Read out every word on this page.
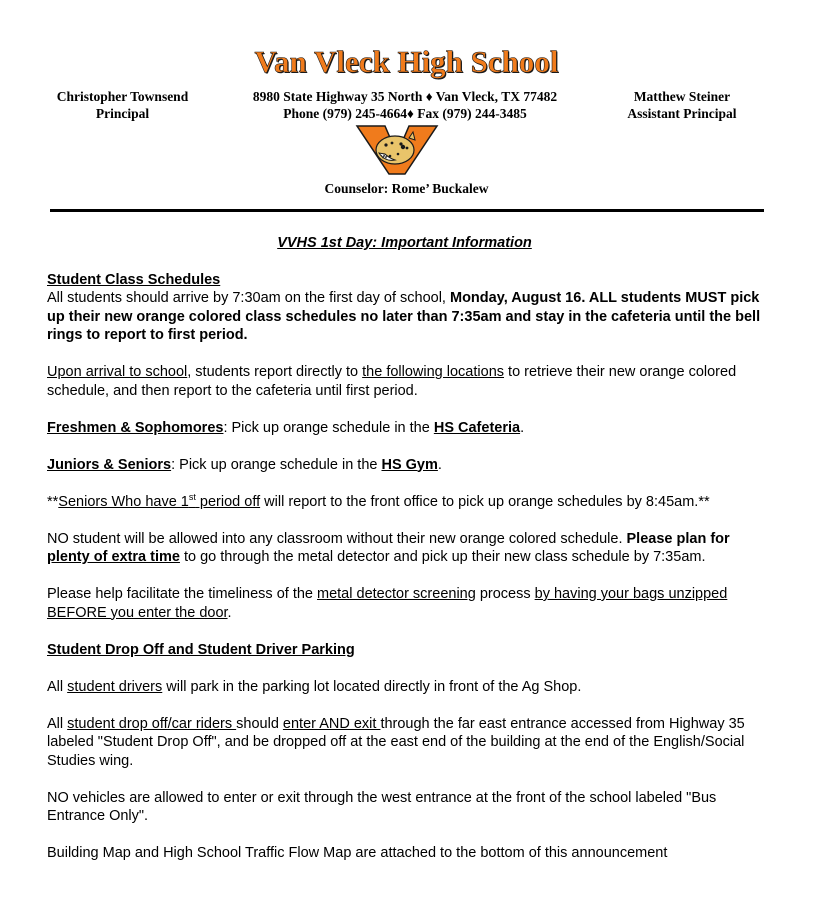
Van Vleck High School
Christopher Townsend
Principal
8980 State Highway 35 North ♦ Van Vleck, TX 77482
Phone (979) 245-4664♦ Fax (979) 244-3485
Matthew Steiner
Assistant Principal
Counselor: Rome’ Buckalew

VVHS 1st Day: Important Information

Student Class Schedules

All students should arrive by 7:30am on the first day of school, Monday, August 16. ALL students MUST pick up their new orange colored class schedules no later than 7:35am and stay in the cafeteria until the bell rings to report to first period.

Upon arrival to school, students report directly to the following locations to retrieve their new orange colored schedule, and then report to the cafeteria until first period.

Freshmen & Sophomores: Pick up orange schedule in the HS Cafeteria.

Juniors & Seniors: Pick up orange schedule in the HS Gym.

**Seniors Who have 1st period off will report to the front office to pick up orange schedules by 8:45am.**

NO student will be allowed into any classroom without their new orange colored schedule. Please plan for plenty of extra time to go through the metal detector and pick up their new class schedule by 7:35am.

Please help facilitate the timeliness of the metal detector screening process by having your bags unzipped BEFORE you enter the door.

Student Drop Off and Student Driver Parking

All student drivers will park in the parking lot located directly in front of the Ag Shop.

All student drop off/car riders should enter AND exit through the far east entrance accessed from Highway 35 labeled "Student Drop Off", and be dropped off at the east end of the building at the end of the English/Social Studies wing.

NO vehicles are allowed to enter or exit through the west entrance at the front of the school labeled "Bus Entrance Only".

Building Map and High School Traffic Flow Map are attached to the bottom of this announcement
